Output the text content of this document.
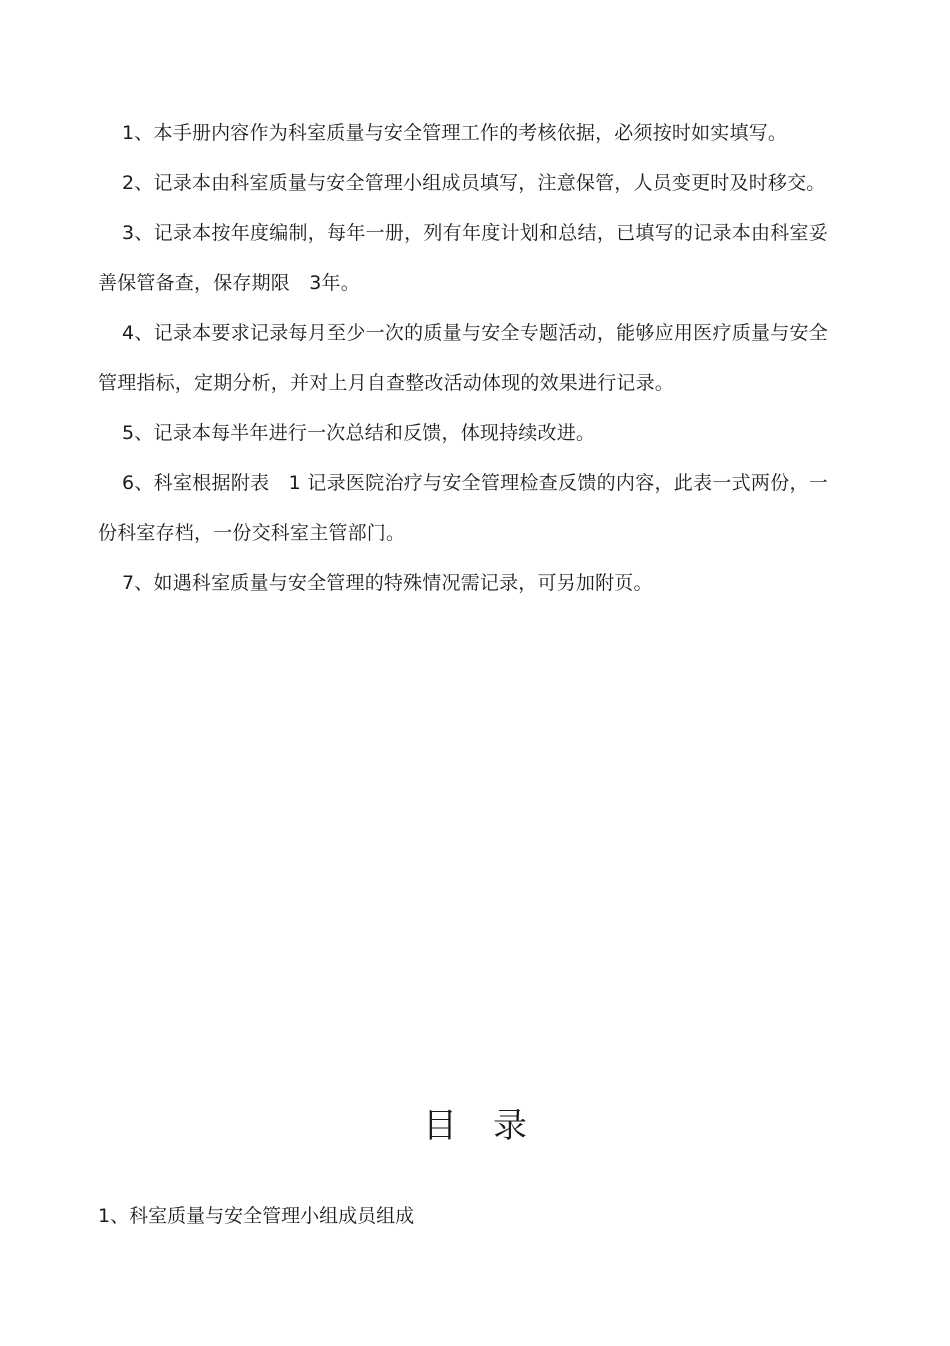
1、本手册内容作为科室质量与安全管理工作的考核依据，必须按时如实填写。

2、记录本由科室质量与安全管理小组成员填写，注意保管，人员变更时及时移交。

3、记录本按年度编制，每年一册，列有年度计划和总结，已填写的记录本由科室妥善保管备查，保存期限　3年。

4、记录本要求记录每月至少一次的质量与安全专题活动，能够应用医疗质量与安全管理指标，定期分析，并对上月自查整改活动体现的效果进行记录。

5、记录本每半年进行一次总结和反馈，体现持续改进。

6、科室根据附表　1 记录医院治疗与安全管理检查反馈的内容，此表一式两份，一份科室存档，一份交科室主管部门。

7、如遇科室质量与安全管理的特殊情况需记录，可另加附页。

目录

1、科室质量与安全管理小组成员组成
